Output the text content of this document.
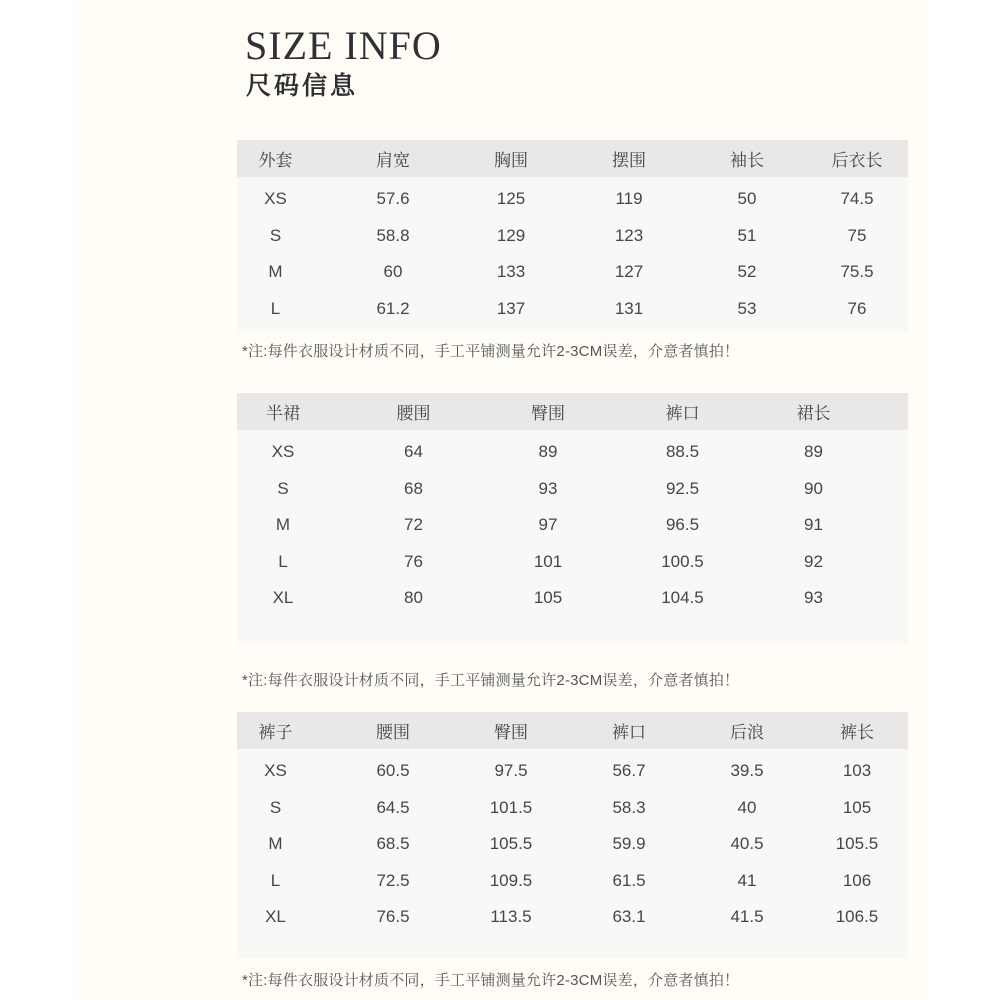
SIZE INFO
尺码信息
外套	肩宽	胸围	摆围	袖长	后衣长
XS	57.6	125	119	50	74.5
S	58.8	129	123	51	75
M	60	133	127	52	75.5
L	61.2	137	131	53	76

*注:每件衣服设计材质不同，手工平铺测量允许2-3CM误差，介意者慎拍！

半裙	腰围	臀围	裤口	裙长
XS	64	89	88.5	89
S	68	93	92.5	90
M	72	97	96.5	91
L	76	101	100.5	92
XL	80	105	104.5	93

*注:每件衣服设计材质不同，手工平铺测量允许2-3CM误差，介意者慎拍！

裤子	腰围	臀围	裤口	后浪	裤长
XS	60.5	97.5	56.7	39.5	103
S	64.5	101.5	58.3	40	105
M	68.5	105.5	59.9	40.5	105.5
L	72.5	109.5	61.5	41	106
XL	76.5	113.5	63.1	41.5	106.5

*注:每件衣服设计材质不同，手工平铺测量允许2-3CM误差，介意者慎拍！
